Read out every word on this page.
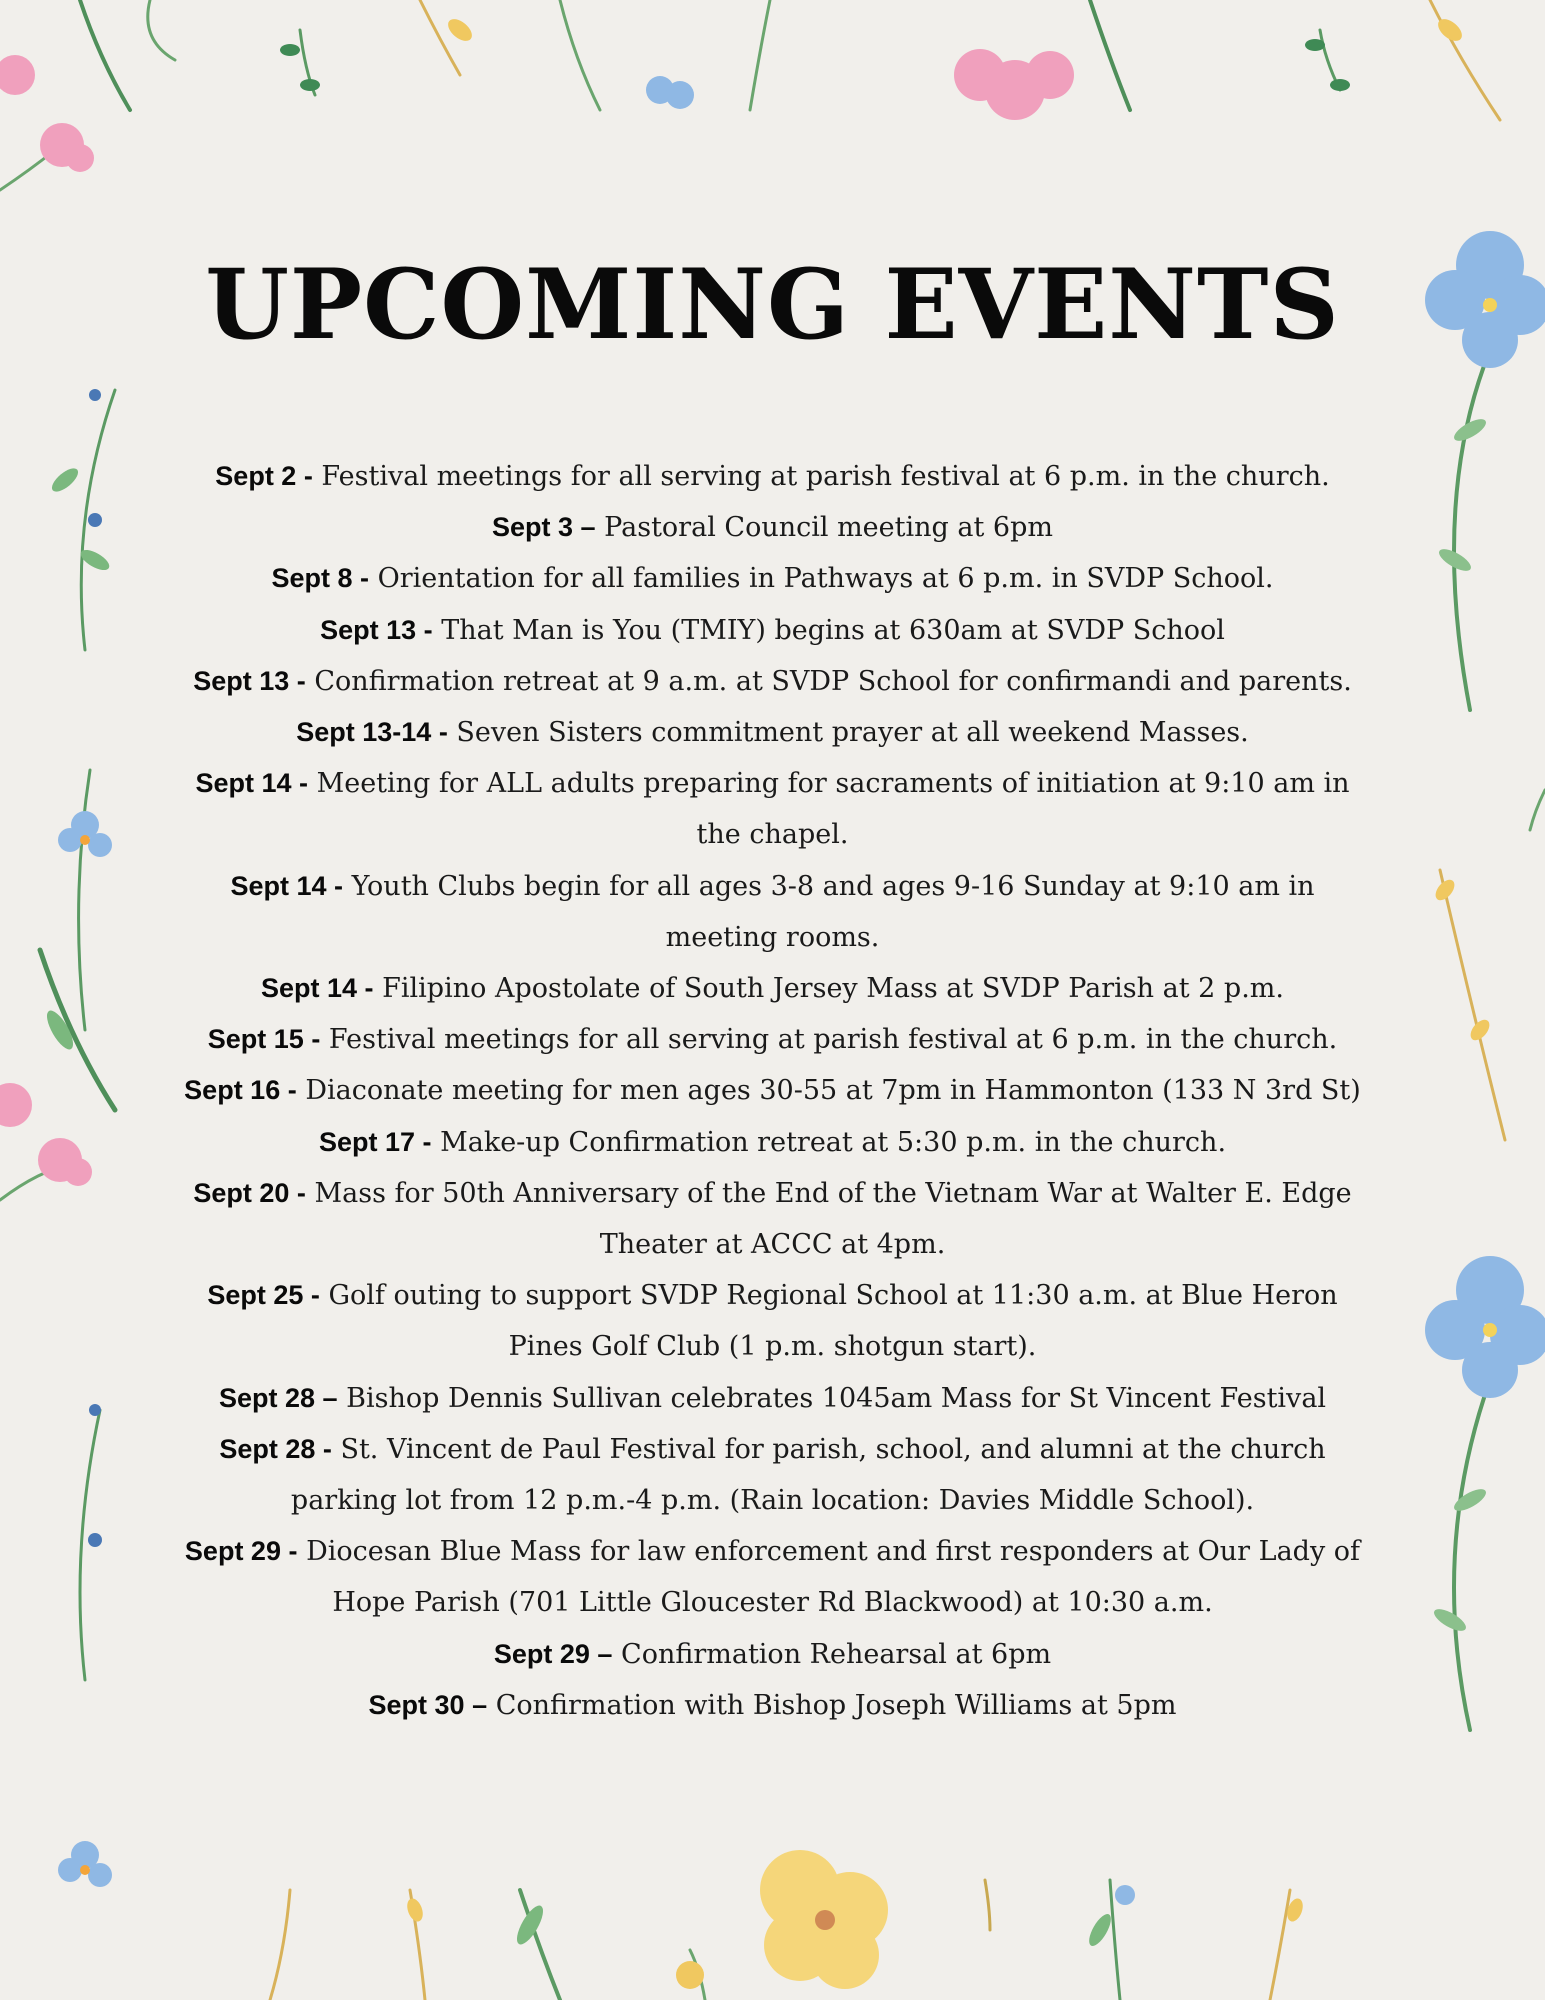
UPCOMING EVENTS

Sept 2 - Festival meetings for all serving at parish festival at 6 p.m. in the church.

Sept 3 – Pastoral Council meeting at 6pm

Sept 8 - Orientation for all families in Pathways at 6 p.m. in SVDP School.

Sept 13 - That Man is You (TMIY) begins at 630am at SVDP School

Sept 13 - Confirmation retreat at 9 a.m. at SVDP School for confirmandi and parents.

Sept 13-14 - Seven Sisters commitment prayer at all weekend Masses.

Sept 14 - Meeting for ALL adults preparing for sacraments of initiation at 9:10 am in the chapel.

Sept 14 - Youth Clubs begin for all ages 3-8 and ages 9-16 Sunday at 9:10 am in meeting rooms.

Sept 14 - Filipino Apostolate of South Jersey Mass at SVDP Parish at 2 p.m.

Sept 15 - Festival meetings for all serving at parish festival at 6 p.m. in the church.

Sept 16 - Diaconate meeting for men ages 30-55 at 7pm in Hammonton (133 N 3rd St)

Sept 17 - Make-up Confirmation retreat at 5:30 p.m. in the church.

Sept 20 - Mass for 50th Anniversary of the End of the Vietnam War at Walter E. Edge Theater at ACCC at 4pm.

Sept 25 - Golf outing to support SVDP Regional School at 11:30 a.m. at Blue Heron Pines Golf Club (1 p.m. shotgun start).

Sept 28 – Bishop Dennis Sullivan celebrates 1045am Mass for St Vincent Festival

Sept 28 - St. Vincent de Paul Festival for parish, school, and alumni at the church parking lot from 12 p.m.-4 p.m. (Rain location: Davies Middle School).

Sept 29 - Diocesan Blue Mass for law enforcement and first responders at Our Lady of Hope Parish (701 Little Gloucester Rd Blackwood) at 10:30 a.m.

Sept 29 – Confirmation Rehearsal at 6pm

Sept 30 – Confirmation with Bishop Joseph Williams at 5pm
